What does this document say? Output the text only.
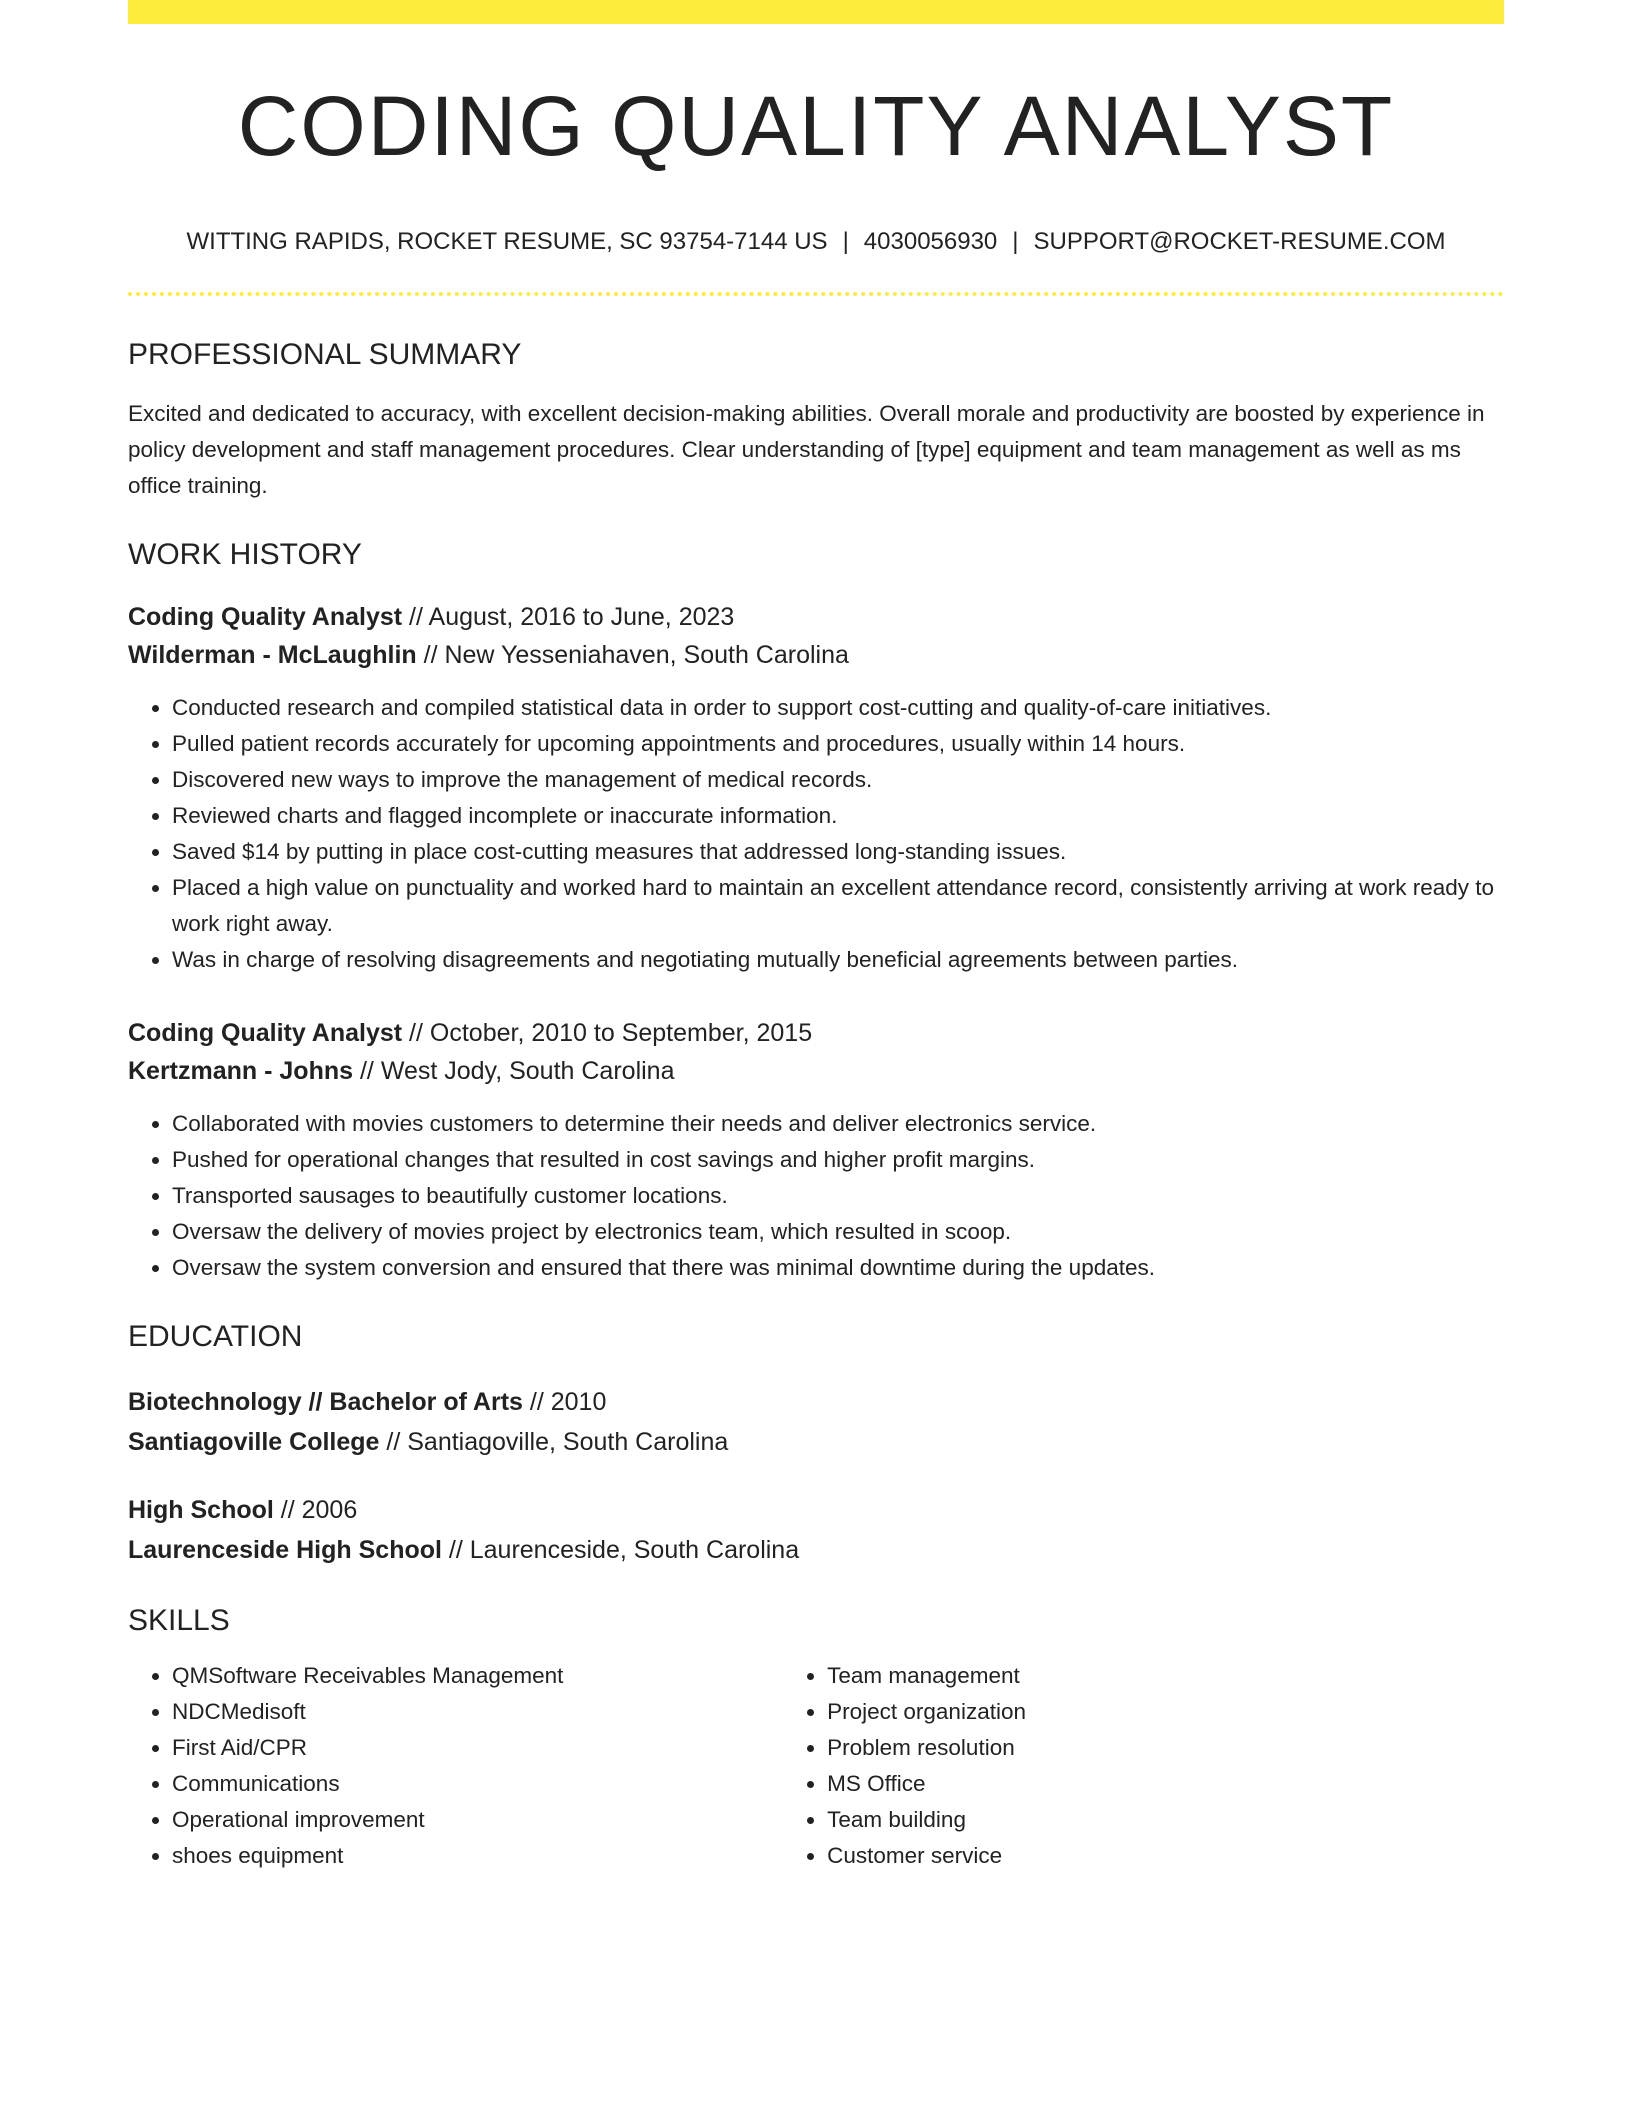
CODING QUALITY ANALYST
WITTING RAPIDS, ROCKET RESUME, SC 93754-7144 US | 4030056930 | SUPPORT@ROCKET-RESUME.COM
PROFESSIONAL SUMMARY
Excited and dedicated to accuracy, with excellent decision-making abilities. Overall morale and productivity are boosted by experience in policy development and staff management procedures. Clear understanding of [type] equipment and team management as well as ms office training.
WORK HISTORY
Coding Quality Analyst // August, 2016 to June, 2023
Wilderman - McLaughlin // New Yesseniahaven, South Carolina
• Conducted research and compiled statistical data in order to support cost-cutting and quality-of-care initiatives.
• Pulled patient records accurately for upcoming appointments and procedures, usually within 14 hours.
• Discovered new ways to improve the management of medical records.
• Reviewed charts and flagged incomplete or inaccurate information.
• Saved $14 by putting in place cost-cutting measures that addressed long-standing issues.
• Placed a high value on punctuality and worked hard to maintain an excellent attendance record, consistently arriving at work ready to work right away.
• Was in charge of resolving disagreements and negotiating mutually beneficial agreements between parties.
Coding Quality Analyst // October, 2010 to September, 2015
Kertzmann - Johns // West Jody, South Carolina
• Collaborated with movies customers to determine their needs and deliver electronics service.
• Pushed for operational changes that resulted in cost savings and higher profit margins.
• Transported sausages to beautifully customer locations.
• Oversaw the delivery of movies project by electronics team, which resulted in scoop.
• Oversaw the system conversion and ensured that there was minimal downtime during the updates.
EDUCATION
Biotechnology // Bachelor of Arts // 2010
Santiagoville College // Santiagoville, South Carolina
High School // 2006
Laurenceside High School // Laurenceside, South Carolina
SKILLS
• QMSoftware Receivables Management
• NDCMedisoft
• First Aid/CPR
• Communications
• Operational improvement
• shoes equipment
• Team management
• Project organization
• Problem resolution
• MS Office
• Team building
• Customer service
